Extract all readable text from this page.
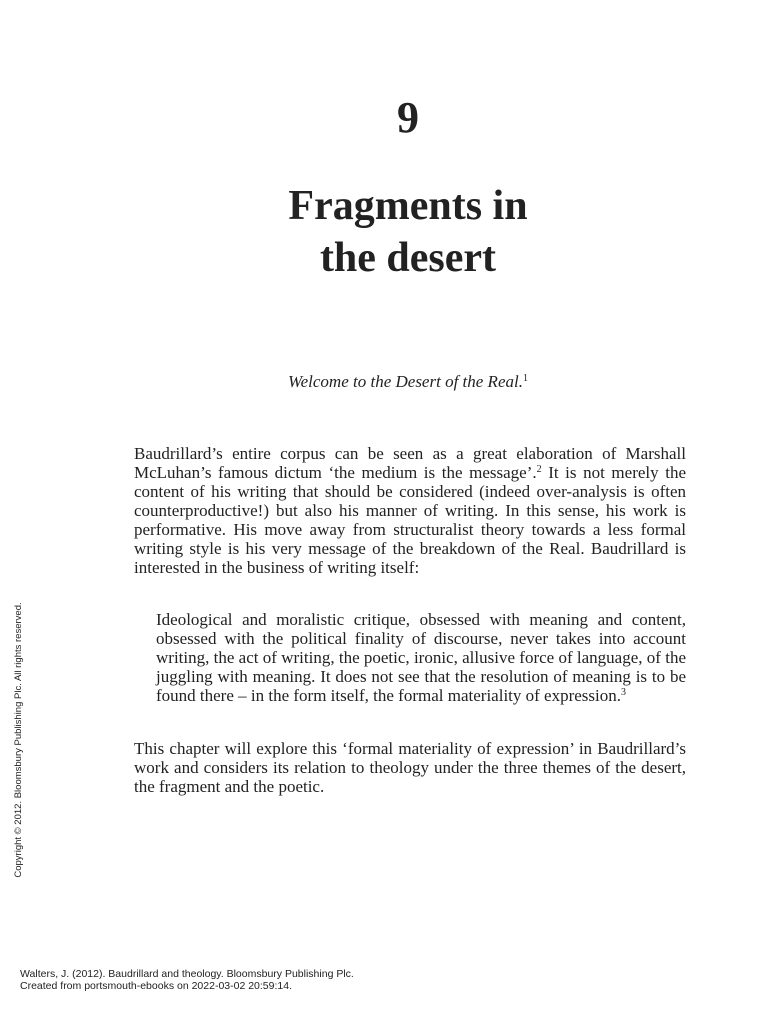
9
Fragments in
the desert
Welcome to the Desert of the Real.$^1$

Baudrillard’s entire corpus can be seen as a great elaboration of Marshall McLuhan’s famous dictum ‘the medium is the message’.$^2$ It is not merely the content of his writing that should be considered (indeed over-analysis is often counterproductive!) but also his manner of writing. In this sense, his work is performative. His move away from structuralist theory towards a less formal writing style is his very message of the breakdown of the Real. Baudrillard is interested in the business of writing itself:

Ideological and moralistic critique, obsessed with meaning and content, obsessed with the political finality of discourse, never takes into account writing, the act of writing, the poetic, ironic, allusive force of language, of the juggling with meaning. It does not see that the resolution of meaning is to be found there – in the form itself, the formal materiality of expression.$^3$

This chapter will explore this ‘formal materiality of expression’ in Baudrillard’s work and considers its relation to theology under the three themes of the desert, the fragment and the poetic.

Copyright © 2012. Bloomsbury Publishing Plc. All rights reserved.
Walters, J. (2012). Baudrillard and theology. Bloomsbury Publishing Plc.
Created from portsmouth-ebooks on 2022-03-02 20:59:14.
